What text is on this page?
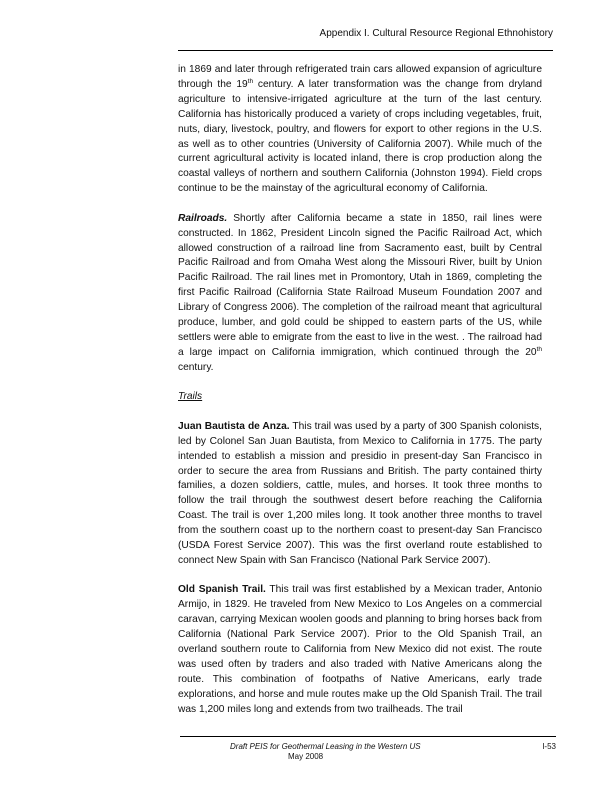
Appendix I. Cultural Resource Regional Ethnohistory

in 1869 and later through refrigerated train cars allowed expansion of agriculture through the 19th century. A later transformation was the change from dryland agriculture to intensive-irrigated agriculture at the turn of the last century. California has historically produced a variety of crops including vegetables, fruit, nuts, diary, livestock, poultry, and flowers for export to other regions in the U.S. as well as to other countries (University of California 2007). While much of the current agricultural activity is located inland, there is crop production along the coastal valleys of northern and southern California (Johnston 1994). Field crops continue to be the mainstay of the agricultural economy of California.

Railroads. Shortly after California became a state in 1850, rail lines were constructed. In 1862, President Lincoln signed the Pacific Railroad Act, which allowed construction of a railroad line from Sacramento east, built by Central Pacific Railroad and from Omaha West along the Missouri River, built by Union Pacific Railroad. The rail lines met in Promontory, Utah in 1869, completing the first Pacific Railroad (California State Railroad Museum Foundation 2007 and Library of Congress 2006). The completion of the railroad meant that agricultural produce, lumber, and gold could be shipped to eastern parts of the US, while settlers were able to emigrate from the east to live in the west. . The railroad had a large impact on California immigration, which continued through the 20th century.

Trails

Juan Bautista de Anza. This trail was used by a party of 300 Spanish colonists, led by Colonel San Juan Bautista, from Mexico to California in 1775. The party intended to establish a mission and presidio in present-day San Francisco in order to secure the area from Russians and British. The party contained thirty families, a dozen soldiers, cattle, mules, and horses. It took three months to follow the trail through the southwest desert before reaching the California Coast. The trail is over 1,200 miles long. It took another three months to travel from the southern coast up to the northern coast to present-day San Francisco (USDA Forest Service 2007). This was the first overland route established to connect New Spain with San Francisco (National Park Service 2007).

Old Spanish Trail. This trail was first established by a Mexican trader, Antonio Armijo, in 1829. He traveled from New Mexico to Los Angeles on a commercial caravan, carrying Mexican woolen goods and planning to bring horses back from California (National Park Service 2007). Prior to the Old Spanish Trail, an overland southern route to California from New Mexico did not exist. The route was used often by traders and also traded with Native Americans along the route. This combination of footpaths of Native Americans, early trade explorations, and horse and mule routes make up the Old Spanish Trail. The trail was 1,200 miles long and extends from two trailheads. The trail

Draft PEIS for Geothermal Leasing in the Western US
May 2008
I-53
